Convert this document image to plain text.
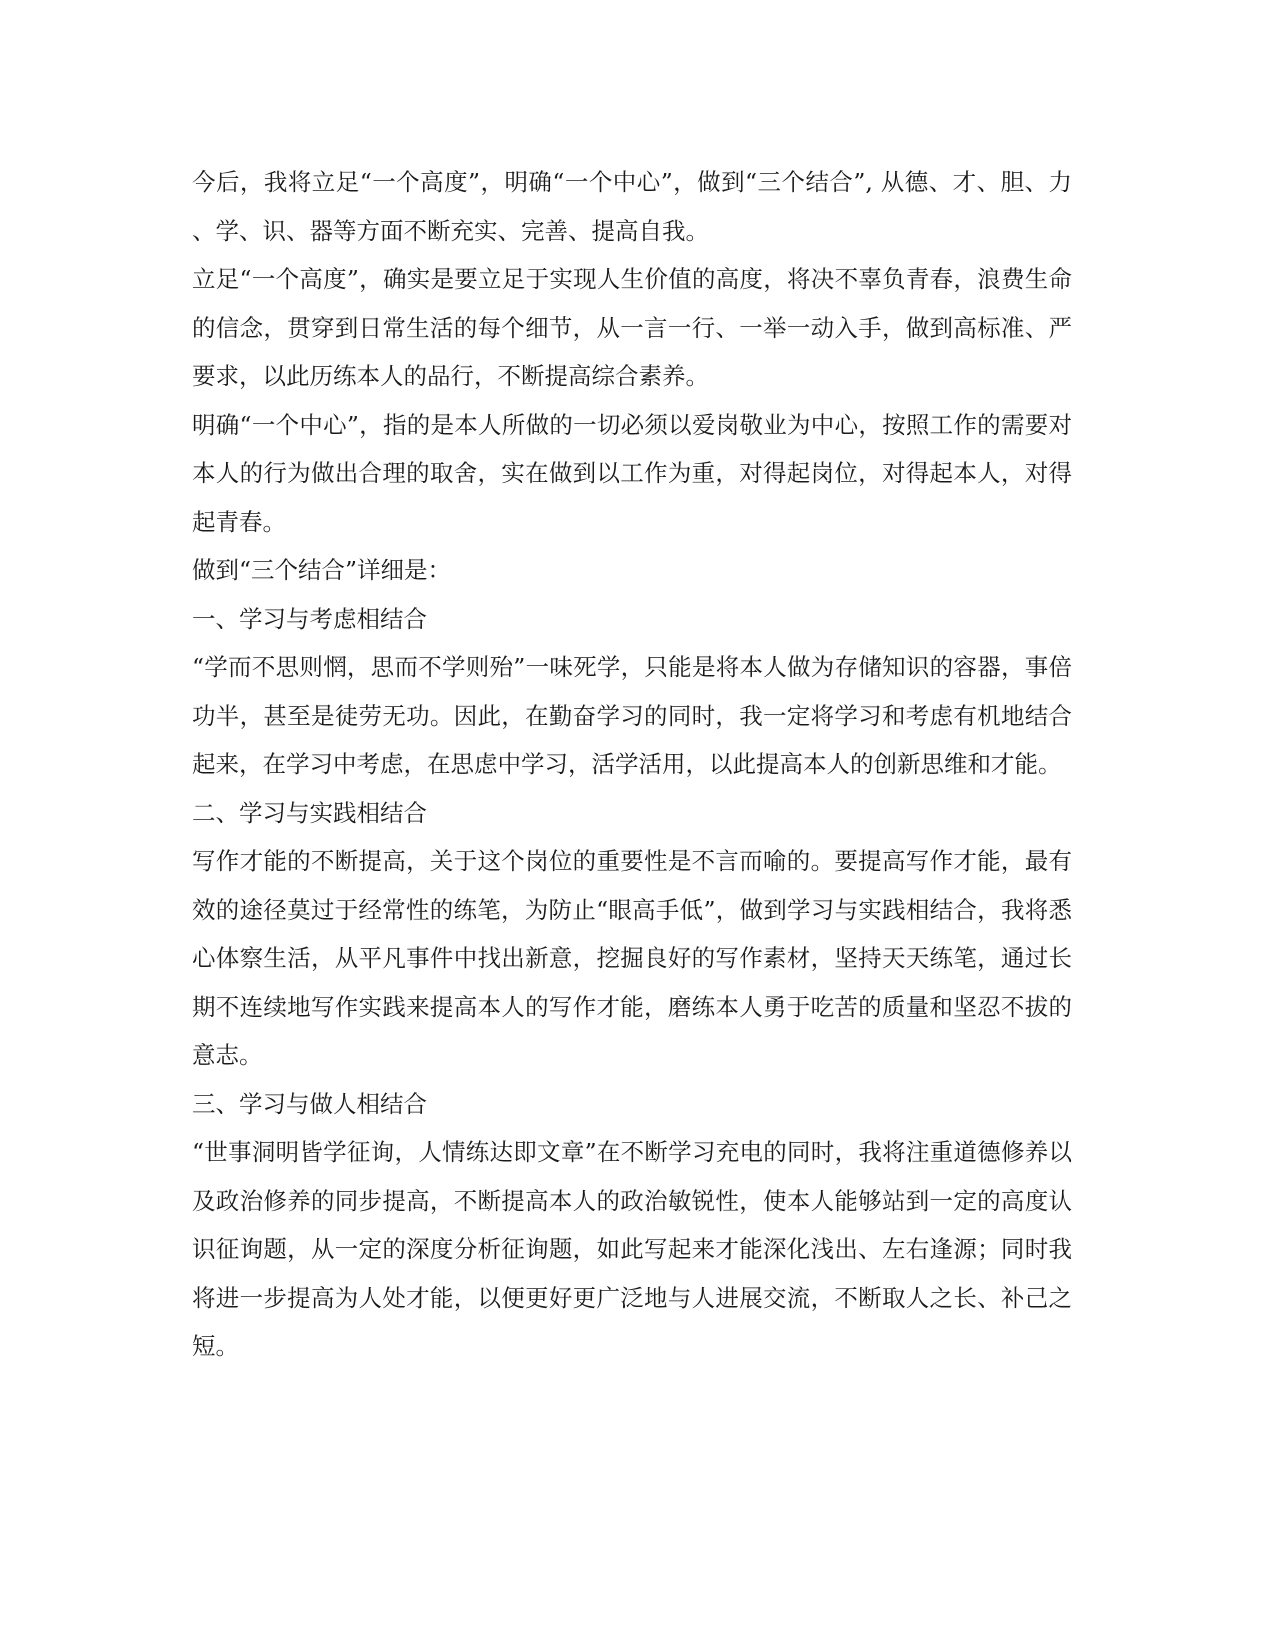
今后，我将立足“一个高度”，明确“一个中心”，做到“三个结合”, 从德、才、胆、力、学、识、器等方面不断充实、完善、提高自我。

立足“一个高度”，确实是要立足于实现人生价值的高度，将决不辜负青春，浪费生命的信念，贯穿到日常生活的每个细节，从一言一行、一举一动入手，做到高标准、严要求，以此历练本人的品行，不断提高综合素养。

明确“一个中心”，指的是本人所做的一切必须以爱岗敬业为中心，按照工作的需要对本人的行为做出合理的取舍，实在做到以工作为重，对得起岗位，对得起本人，对得起青春。

做到“三个结合”详细是：

一、学习与考虑相结合

“学而不思则惘，思而不学则殆”一味死学，只能是将本人做为存储知识的容器，事倍功半，甚至是徒劳无功。因此，在勤奋学习的同时，我一定将学习和考虑有机地结合起来，在学习中考虑，在思虑中学习，活学活用，以此提高本人的创新思维和才能。

二、学习与实践相结合

写作才能的不断提高，关于这个岗位的重要性是不言而喻的。要提高写作才能，最有效的途径莫过于经常性的练笔，为防止“眼高手低”，做到学习与实践相结合，我将悉心体察生活，从平凡事件中找出新意，挖掘良好的写作素材，坚持天天练笔，通过长期不连续地写作实践来提高本人的写作才能，磨练本人勇于吃苦的质量和坚忍不拔的意志。

三、学习与做人相结合

“世事洞明皆学征询，人情练达即文章”在不断学习充电的同时，我将注重道德修养以及政治修养的同步提高，不断提高本人的政治敏锐性，使本人能够站到一定的高度认识征询题，从一定的深度分析征询题，如此写起来才能深化浅出、左右逢源；同时我将进一步提高为人处才能，以便更好更广泛地与人进展交流，不断取人之长、补己之短。
